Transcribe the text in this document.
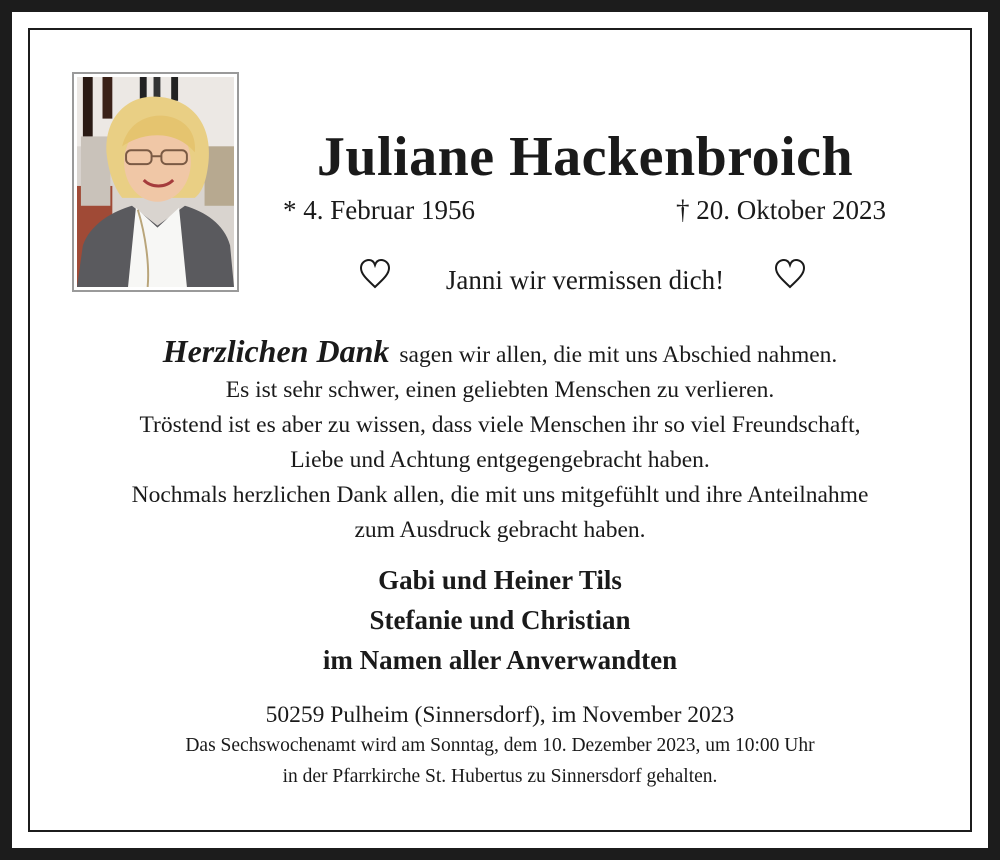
Juliane Hackenbroich
* 4. Februar 1956	† 20. Oktober 2023
Janni wir vermissen dich!
Herzlichen Dank sagen wir allen, die mit uns Abschied nahmen.
Es ist sehr schwer, einen geliebten Menschen zu verlieren.
Tröstend ist es aber zu wissen, dass viele Menschen ihr so viel Freundschaft,
Liebe und Achtung entgegengebracht haben.
Nochmals herzlichen Dank allen, die mit uns mitgefühlt und ihre Anteilnahme
zum Ausdruck gebracht haben.
Gabi und Heiner Tils
Stefanie und Christian
im Namen aller Anverwandten
50259 Pulheim (Sinnersdorf), im November 2023
Das Sechswochenamt wird am Sonntag, dem 10. Dezember 2023, um 10:00 Uhr
in der Pfarrkirche St. Hubertus zu Sinnersdorf gehalten.
